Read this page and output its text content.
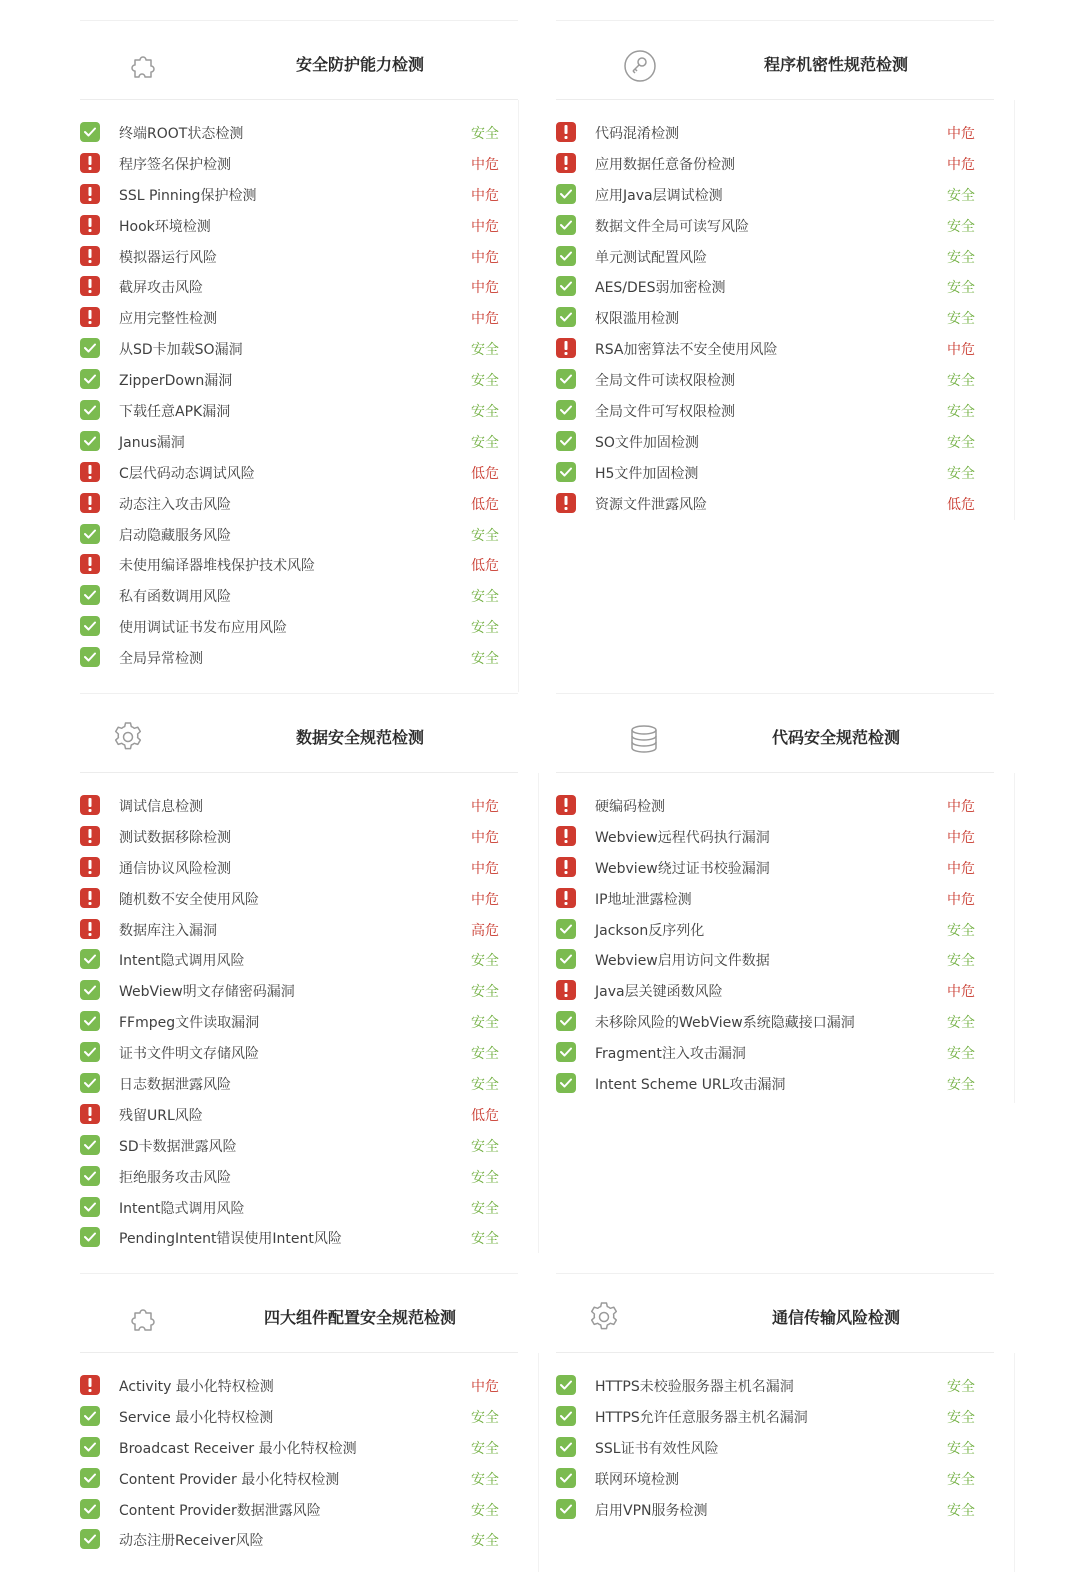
安全防护能力检测
终端ROOT状态检测	安全
程序签名保护检测	中危
SSL Pinning保护检测	中危
Hook环境检测	中危
模拟器运行风险	中危
截屏攻击风险	中危
应用完整性检测	中危
从SD卡加载SO漏洞	安全
ZipperDown漏洞	安全
下载任意APK漏洞	安全
Janus漏洞	安全
C层代码动态调试风险	低危
动态注入攻击风险	低危
启动隐藏服务风险	安全
未使用编译器堆栈保护技术风险	低危
私有函数调用风险	安全
使用调试证书发布应用风险	安全
全局异常检测	安全
程序机密性规范检测
代码混淆检测	中危
应用数据任意备份检测	中危
应用Java层调试检测	安全
数据文件全局可读写风险	安全
单元测试配置风险	安全
AES/DES弱加密检测	安全
权限滥用检测	安全
RSA加密算法不安全使用风险	中危
全局文件可读权限检测	安全
全局文件可写权限检测	安全
SO文件加固检测	安全
H5文件加固检测	安全
资源文件泄露风险	低危
数据安全规范检测
调试信息检测	中危
测试数据移除检测	中危
通信协议风险检测	中危
随机数不安全使用风险	中危
数据库注入漏洞	高危
Intent隐式调用风险	安全
WebView明文存储密码漏洞	安全
FFmpeg文件读取漏洞	安全
证书文件明文存储风险	安全
日志数据泄露风险	安全
残留URL风险	低危
SD卡数据泄露风险	安全
拒绝服务攻击风险	安全
Intent隐式调用风险	安全
PendingIntent错误使用Intent风险	安全
代码安全规范检测
硬编码检测	中危
Webview远程代码执行漏洞	中危
Webview绕过证书校验漏洞	中危
IP地址泄露检测	中危
Jackson反序列化	安全
Webview启用访问文件数据	安全
Java层关键函数风险	中危
未移除风险的WebView系统隐藏接口漏洞	安全
Fragment注入攻击漏洞	安全
Intent Scheme URL攻击漏洞	安全
四大组件配置安全规范检测
Activity 最小化特权检测	中危
Service 最小化特权检测	安全
Broadcast Receiver 最小化特权检测	安全
Content Provider 最小化特权检测	安全
Content Provider数据泄露风险	安全
动态注册Receiver风险	安全
通信传输风险检测
HTTPS未校验服务器主机名漏洞	安全
HTTPS允许任意服务器主机名漏洞	安全
SSL证书有效性风险	安全
联网环境检测	安全
启用VPN服务检测	安全
